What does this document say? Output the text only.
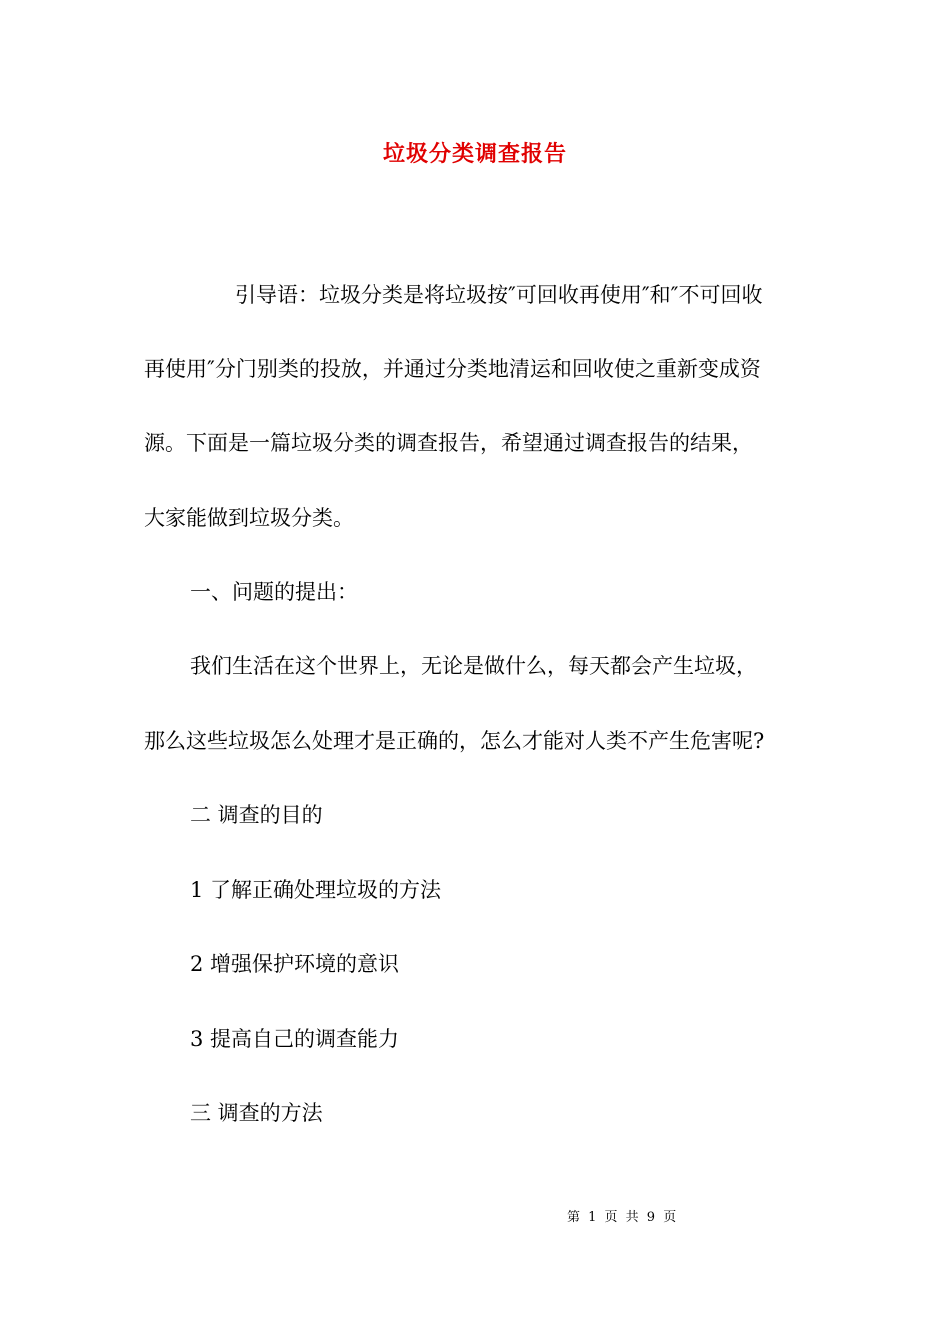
垃圾分类调查报告
引导语：垃圾分类是将垃圾按″可回收再使用″和″不可回收
再使用″分门别类的投放，并通过分类地清运和回收使之重新变成资
源。下面是一篇垃圾分类的调查报告，希望通过调查报告的结果，
大家能做到垃圾分类。
一、问题的提出：
我们生活在这个世界上，无论是做什么，每天都会产生垃圾，
那么这些垃圾怎么处理才是正确的，怎么才能对人类不产生危害呢?
二 调查的目的
1 了解正确处理垃圾的方法
2 增强保护环境的意识
3 提高自己的调查能力
三 调查的方法
第 1 页 共 9 页
